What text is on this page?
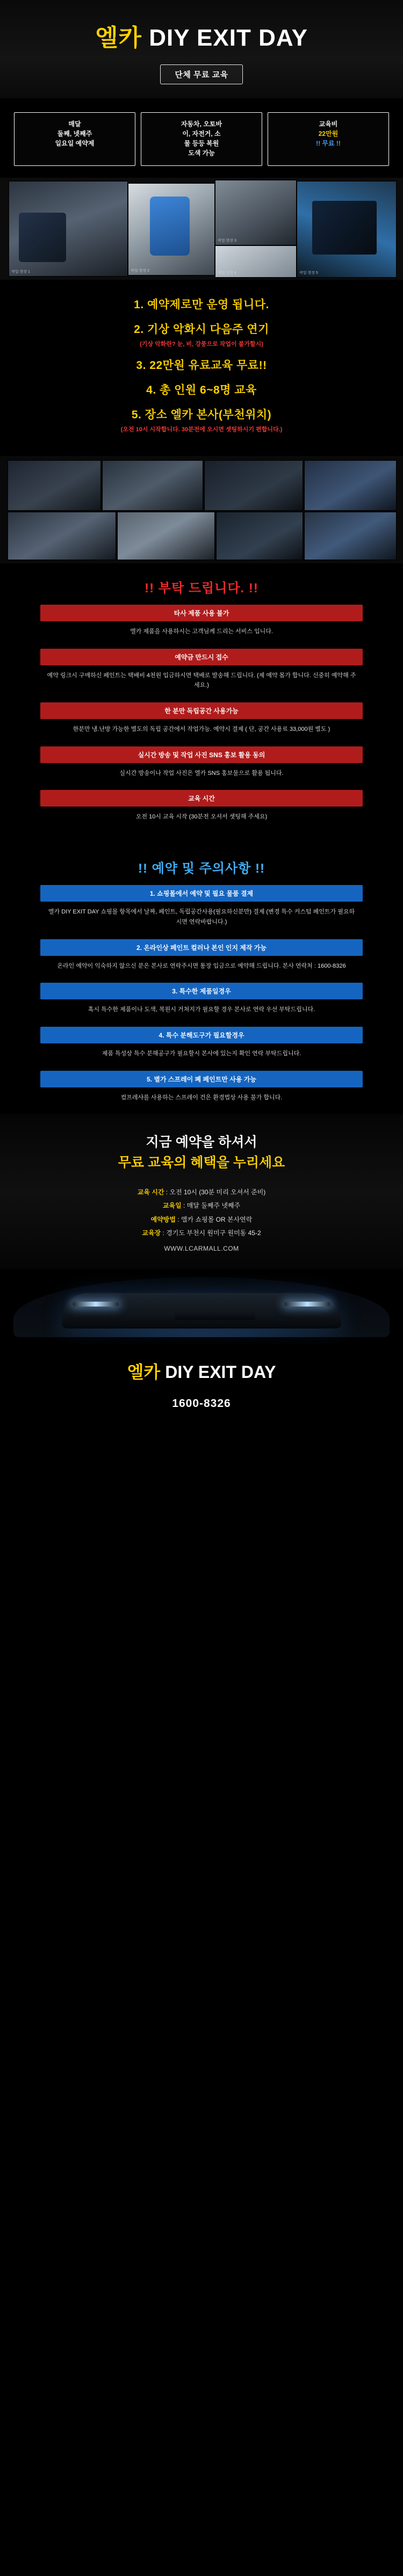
엘카 DIY EXIT DAY
단체 무료 교육
매달
둘째, 넷째주
일요일 예약제
자동차, 오토바
이, 자전거, 소
물 등등 복원
도색 가능
교육비
22만원
!! 무료 !!
작업 현장 1	작업 현장 2
작업 현장 3
작업 현장 4	작업 현장 5
1. 예약제로만 운영 됩니다.
2. 기상 악화시 다음주 연기
(기상 악화란? 눈, 비, 강풍으로 작업이 불가할시)
3. 22만원 유료교육 무료!!
4. 총 인원 6~8명 교육
5. 장소 엘카 본사(부천위치)
(오전 10시 시작합니다. 30분전에 오시면 셋팅하시기 편합니다.)
!! 부탁 드립니다. !!
타사 제품 사용 불가
엘카 제품을 사용하시는 고객님께 드리는 서비스 입니다.
예약금 만드시 접수
예약 링크시 구매하신 페인트는 택배비 4천원 입금하시면 택배로 발송해 드립니다. (제 예약 몸가 합니다. 신중히 예약해 주세요.)
한 분만 독립공간 사용가능
한분만 냉.난방 가능한 별도의 독립 공간에서 작업가능. 예약시 결제 ( 단, 공간 사용료 33,000원 별도 )
실시간 방송 및 작업 사진 SNS 홍보 활용 동의
실시간 방송이나 작업 사진은 엘카 SNS 홍보물으로 활용 됩니다.
교육 시간
오전 10시 교육 시작 (30분전 오셔서 셋팅해 주세요)
!! 예약 및 주의사항 !!
1. 쇼핑몰에서 예약 및 필요 물품 결제
엘카 DIY EXIT DAY 쇼핑몰 항목에서 날짜, 페인트, 독립공간사용(필요하신분만) 결제 (변경 특수 커스텀 페인트가 필요하시면 연락바랍니다.)
2. 온라인상 페인트 컬러나 본인 인지 제작 가능
온라인 예약이 익숙하지 않으신 분은 본사로 연락주시면 통장 입금으로 예약해 드립니다. 본사 연락처 : 1600-8326
3. 특수한 제품일경우
혹시 특수한 제품이나 도색, 복원시 거쳐지가 필요할 경우 본사로 연락 우선 부탁드립니다.
4. 특수 분해도구가 필요할경우
제품 특성상 특수 분해공구가 필요할시 본사에 있는지 확인 연락 부탁드립니다.
5. 별가 스프레이 폐 페인트만 사용 가능
컴프레샤를 사용하는 스프레이 건은 환경법상 사용 불가 합니다.
지금 예약을 하셔서
무료 교육의 혜택을 누리세요
교육 시간 : 오전 10시 (30분 미리 오셔서 준비)
교육일 : 매달 둘째주 넷째주
예약방법 : 엘카 쇼핑몰 OR 본사연락
교육장 : 경기도 부천시 원미구 원미동 45-2
WWW.LCARMALL.COM
엘카 DIY EXIT DAY
1600-8326
